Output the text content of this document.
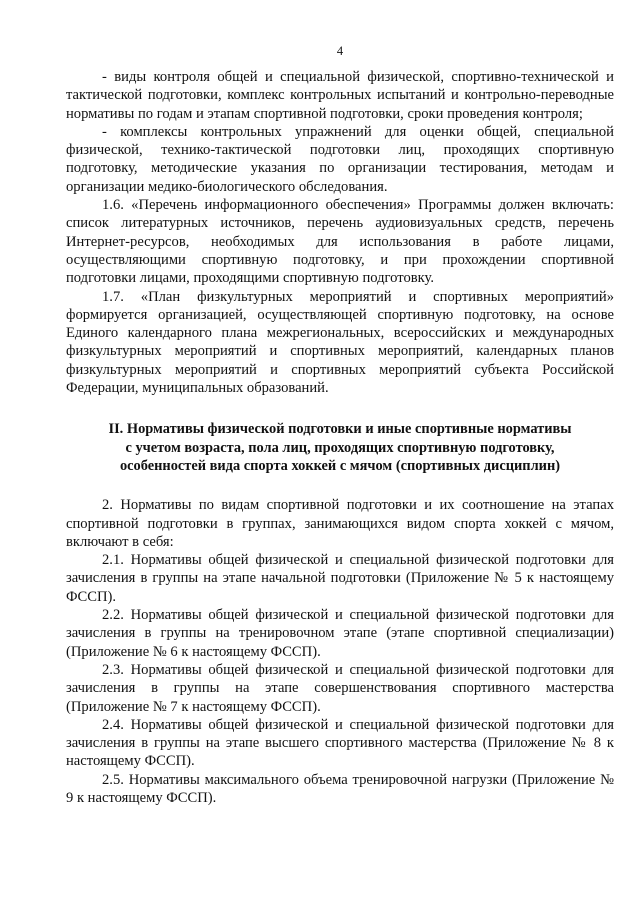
4

- виды контроля общей и специальной физической, спортивно-технической и тактической подготовки, комплекс контрольных испытаний и контрольно-переводные нормативы по годам и этапам спортивной подготовки, сроки проведения контроля;

- комплексы контрольных упражнений для оценки общей, специальной физической, технико-тактической подготовки лиц, проходящих спортивную подготовку, методические указания по организации тестирования, методам и организации медико-биологического обследования.

1.6. «Перечень информационного обеспечения» Программы должен включать: список литературных источников, перечень аудиовизуальных средств, перечень Интернет-ресурсов, необходимых для использования в работе лицами, осуществляющими спортивную подготовку, и при прохождении спортивной подготовки лицами, проходящими спортивную подготовку.

1.7. «План физкультурных мероприятий и спортивных мероприятий» формируется организацией, осуществляющей спортивную подготовку, на основе Единого календарного плана межрегиональных, всероссийских и международных физкультурных мероприятий и спортивных мероприятий, календарных планов физкультурных мероприятий и спортивных мероприятий субъекта Российской Федерации, муниципальных образований.

II. Нормативы физической подготовки и иные спортивные нормативы
с учетом возраста, пола лиц, проходящих спортивную подготовку,
особенностей вида спорта хоккей с мячом (спортивных дисциплин)

2. Нормативы по видам спортивной подготовки и их соотношение на этапах спортивной подготовки в группах, занимающихся видом спорта хоккей с мячом, включают в себя:

2.1. Нормативы общей физической и специальной физической подготовки для зачисления в группы на этапе начальной подготовки (Приложение № 5 к настоящему ФССП).

2.2. Нормативы общей физической и специальной физической подготовки для зачисления в группы на тренировочном этапе (этапе спортивной специализации) (Приложение № 6 к настоящему ФССП).

2.3. Нормативы общей физической и специальной физической подготовки для зачисления в группы на этапе совершенствования спортивного мастерства (Приложение № 7 к настоящему ФССП).

2.4. Нормативы общей физической и специальной физической подготовки для зачисления в группы на этапе высшего спортивного мастерства (Приложение № 8 к настоящему ФССП).

2.5. Нормативы максимального объема тренировочной нагрузки (Приложение № 9 к настоящему ФССП).
